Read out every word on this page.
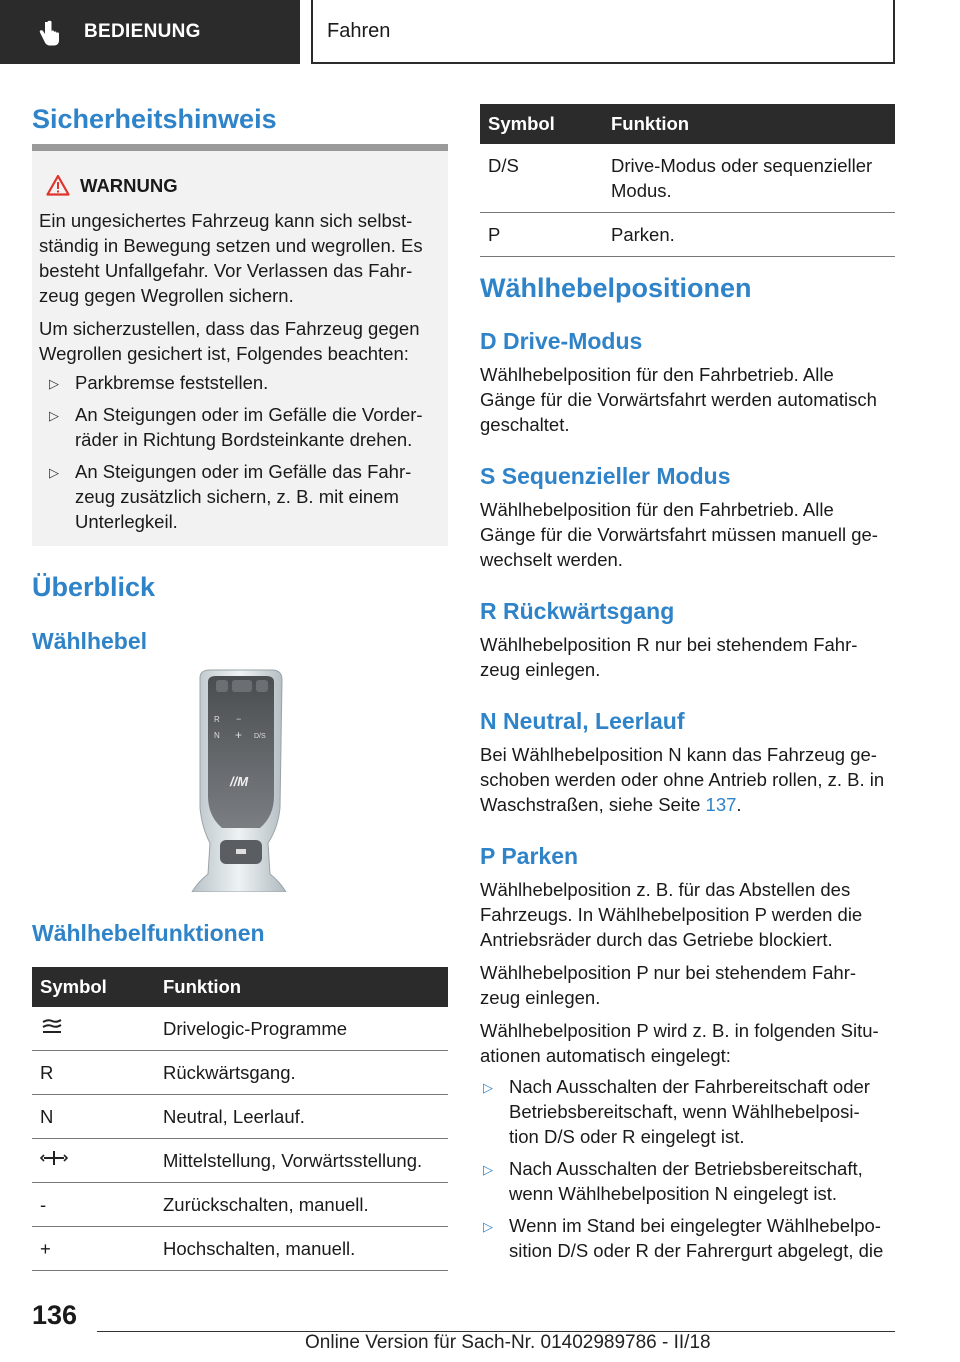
BEDIENUNG	Fahren
Sicherheitshinweis
WARNUNG
Ein ungesichertes Fahrzeug kann sich selbst-
ständig in Bewegung setzen und wegrollen. Es
besteht Unfallgefahr. Vor Verlassen das Fahr-
zeug gegen Wegrollen sichern.
Um sicherzustellen, dass das Fahrzeug gegen
Wegrollen gesichert ist, Folgendes beachten:
▷ Parkbremse feststellen.
▷ An Steigungen oder im Gefälle die Vorder-
räder in Richtung Bordsteinkante drehen.
▷ An Steigungen oder im Gefälle das Fahr-
zeug zusätzlich sichern, z. B. mit einem
Unterlegkeil.
Überblick
Wählhebel
R
N
−
+ D/S
//M
Wählhebelfunktionen
Symbol	Funktion
	Drivelogic-Programme
R	Rückwärtsgang.
N	Neutral, Leerlauf.
	Mittelstellung, Vorwärtsstellung.
-	Zurückschalten, manuell.
+	Hochschalten, manuell.
Symbol	Funktion
D/S	Drive-Modus oder sequenzieller
Modus.

P	Parken.
Wählhebelpositionen
D Drive-Modus
Wählhebelposition für den Fahrbetrieb. Alle
Gänge für die Vorwärtsfahrt werden automatisch
geschaltet.
S Sequenzieller Modus
Wählhebelposition für den Fahrbetrieb. Alle
Gänge für die Vorwärtsfahrt müssen manuell ge-
wechselt werden.
R Rückwärtsgang
Wählhebelposition R nur bei stehendem Fahr-
zeug einlegen.
N Neutral, Leerlauf
Bei Wählhebelposition N kann das Fahrzeug ge-
schoben werden oder ohne Antrieb rollen, z. B. in
Waschstraßen, siehe Seite 137.
P Parken
Wählhebelposition z. B. für das Abstellen des
Fahrzeugs. In Wählhebelposition P werden die
Antriebsräder durch das Getriebe blockiert.
Wählhebelposition P nur bei stehendem Fahr-
zeug einlegen.
Wählhebelposition P wird z. B. in folgenden Situ-
ationen automatisch eingelegt:
▷ Nach Ausschalten der Fahrbereitschaft oder
Betriebsbereitschaft, wenn Wählhebelposi-
tion D/S oder R eingelegt ist.
▷ Nach Ausschalten der Betriebsbereitschaft,
wenn Wählhebelposition N eingelegt ist.
▷ Wenn im Stand bei eingelegter Wählhebelpo-
sition D/S oder R der Fahrergurt abgelegt, die
136
Online Version für Sach-Nr. 01402989786 - II/18
